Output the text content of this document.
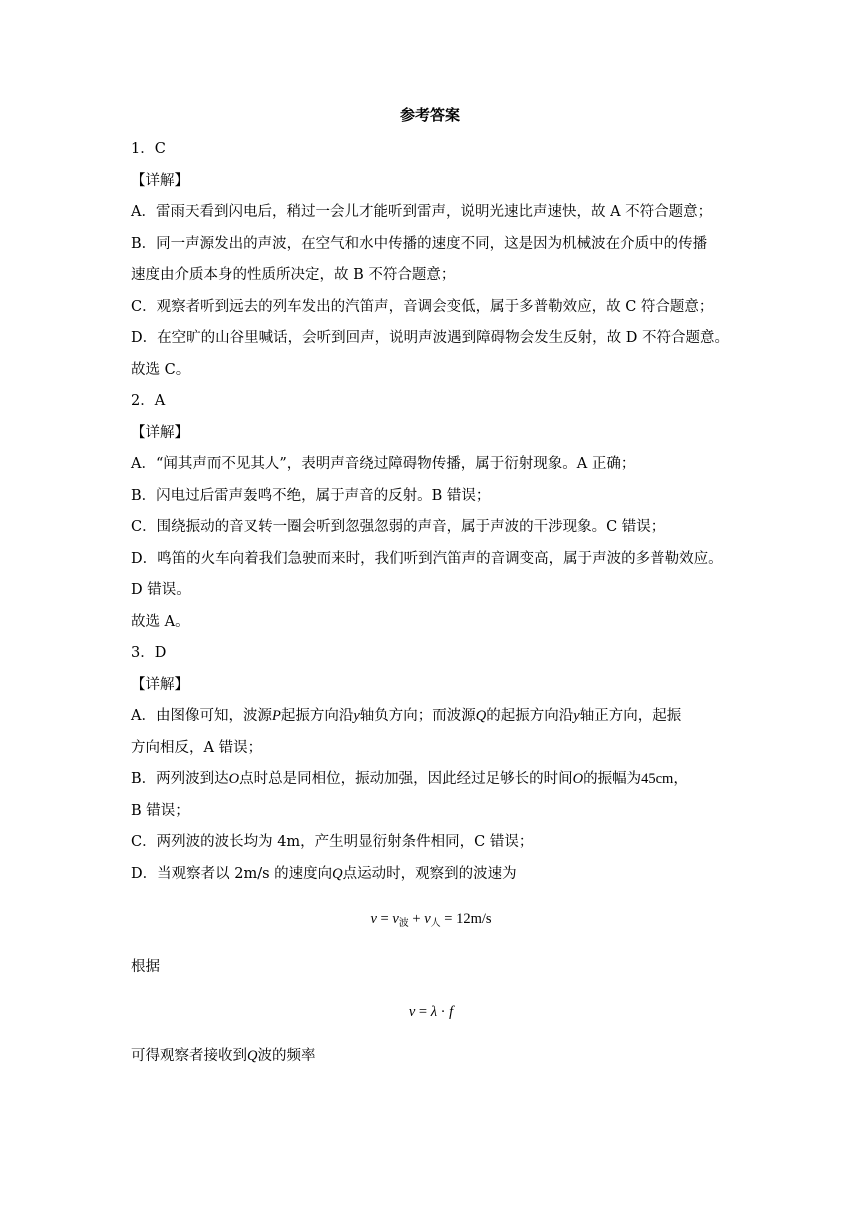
参考答案
1．C
【详解】
A．雷雨天看到闪电后，稍过一会儿才能听到雷声，说明光速比声速快，故 A 不符合题意；
B．同一声源发出的声波，在空气和水中传播的速度不同，这是因为机械波在介质中的传播
速度由介质本身的性质所决定，故 B 不符合题意；
C．观察者听到远去的列车发出的汽笛声，音调会变低，属于多普勒效应，故 C 符合题意；
D．在空旷的山谷里喊话，会听到回声，说明声波遇到障碍物会发生反射，故 D 不符合题意。
故选 C。
2．A
【详解】
A．“闻其声而不见其人”，表明声音绕过障碍物传播，属于衍射现象。A 正确；
B．闪电过后雷声轰鸣不绝，属于声音的反射。B 错误；
C．围绕振动的音叉转一圈会听到忽强忽弱的声音，属于声波的干涉现象。C 错误；
D．鸣笛的火车向着我们急驶而来时，我们听到汽笛声的音调变高，属于声波的多普勒效应。
D 错误。
故选 A。
3．D
【详解】
A．由图像可知，波源P起振方向沿y轴负方向；而波源Q的起振方向沿y轴正方向，起振
方向相反，A 错误；
B．两列波到达O点时总是同相位，振动加强，因此经过足够长的时间O的振幅为45cm，
B 错误；
C．两列波的波长均为 4m，产生明显衍射条件相同，C 错误；
D．当观察者以 2m/s 的速度向Q点运动时，观察到的波速为
$v = v_波 + v_人 = 12m/s$
根据
v = λ · f
可得观察者接收到Q波的频率
